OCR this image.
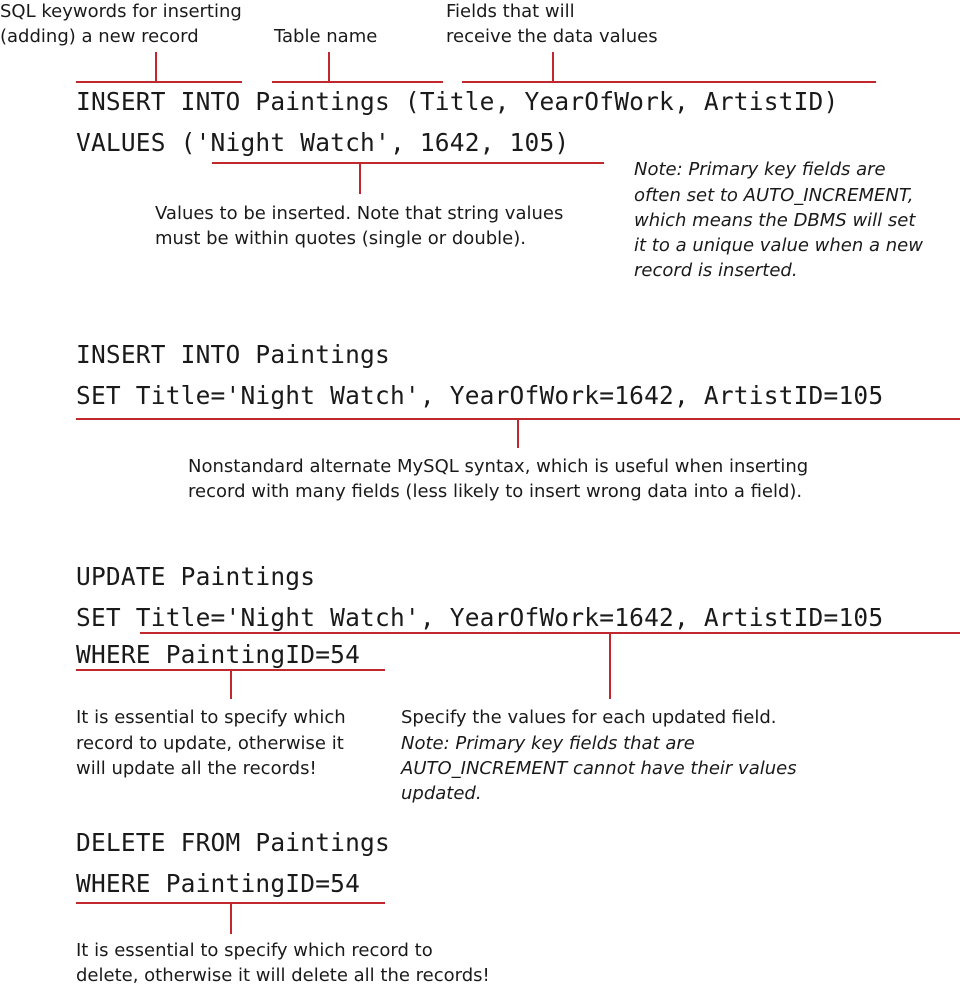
SQL keywords for inserting
(adding) a new record	Table name
Fields that will
receive the data values
INSERT INTO Paintings (Title, YearOfWork, ArtistID)
VALUES ('Night Watch', 1642, 105)
Values to be inserted. Note that string values
must be within quotes (single or double).
Note: Primary key fields are
often set to AUTO_INCREMENT,
which means the DBMS will set
it to a unique value when a new
record is inserted.
INSERT INTO Paintings
SET Title='Night Watch', YearOfWork=1642, ArtistID=105
Nonstandard alternate MySQL syntax, which is useful when inserting
record with many fields (less likely to insert wrong data into a field).
UPDATE Paintings
SET Title='Night Watch', YearOfWork=1642, ArtistID=105
WHERE PaintingID=54
It is essential to specify which
record to update, otherwise it
will update all the records!
Specify the values for each updated field.
Note: Primary key fields that are
AUTO_INCREMENT cannot have their values
updated.
DELETE FROM Paintings
WHERE PaintingID=54
It is essential to specify which record to
delete, otherwise it will delete all the records!
